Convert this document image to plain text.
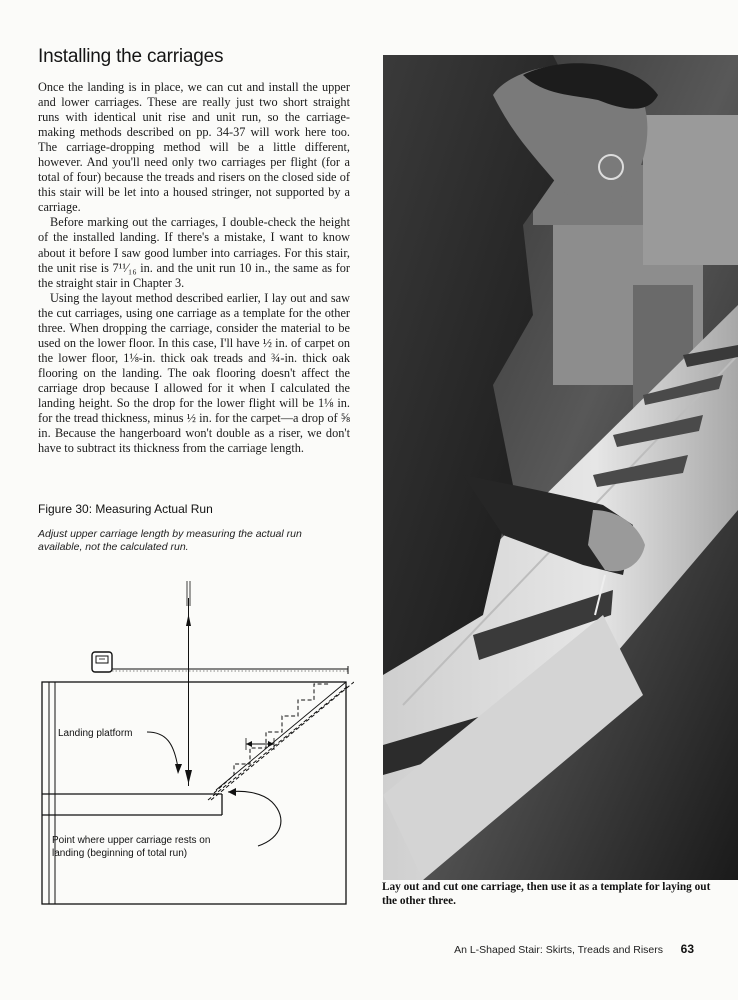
Installing the carriages

Once the landing is in place, we can cut and install the upper and lower carriages. These are really just two short straight runs with identical unit rise and unit run, so the carriage-making methods described on pp. 34-37 will work here too. The carriage-dropping method will be a little different, however. And you'll need only two carriages per flight (for a total of four) because the treads and risers on the closed side of this stair will be let into a housed stringer, not supported by a carriage.

Before marking out the carriages, I double-check the height of the installed landing. If there's a mistake, I want to know about it before I saw good lumber into carriages. For this stair, the unit rise is 7¹¹⁄₁₆ in. and the unit run 10 in., the same as for the straight stair in Chapter 3.

Using the layout method described earlier, I lay out and saw the cut carriages, using one carriage as a template for the other three. When dropping the carriage, consider the material to be used on the lower floor. In this case, I'll have ½ in. of carpet on the lower floor, 1⅛-in. thick oak treads and ¾-in. thick oak flooring on the landing. The oak flooring doesn't affect the carriage drop because I allowed for it when I calculated the landing height. So the drop for the lower flight will be 1⅛ in. for the tread thickness, minus ½ in. for the carpet—a drop of ⅝ in. Because the hangerboard won't double as a riser, we don't have to subtract its thickness from the carriage length.

Figure 30: Measuring Actual Run
Adjust upper carriage length by measuring the actual run available, not the calculated run.
Landing platform
Point where upper carriage rests on
landing (beginning of total run)
Lay out and cut one carriage, then use it as a template for laying out the other three.
An L-Shaped Stair: Skirts, Treads and Risers 63
